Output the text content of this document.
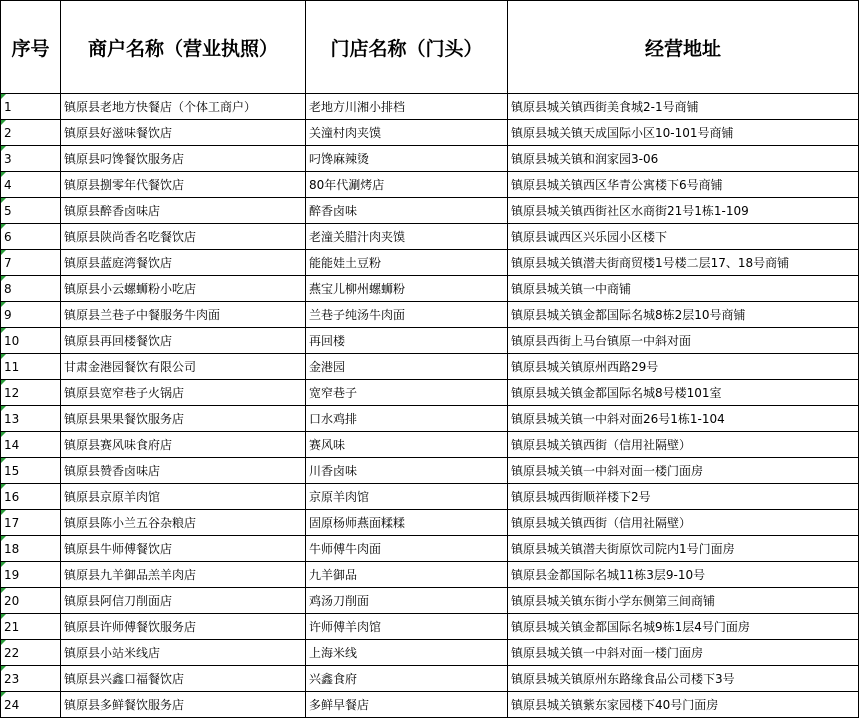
序号	商户名称（营业执照）	门店名称（门头）	经营地址
1	镇原县老地方快餐店（个体工商户）	老地方川湘小排档	镇原县城关镇西街美食城2-1号商铺
2	镇原县好滋味餐饮店	关潼村肉夹馍	镇原县城关镇天成国际小区10-101号商铺
3	镇原县叼馋餐饮服务店	叼馋麻辣烫	镇原县城关镇和润家园3-06
4	镇原县捌零年代餐饮店	80年代涮烤店	镇原县城关镇西区华青公寓楼下6号商铺
5	镇原县醉香卤味店	醉香卤味	镇原县城关镇西街社区水商街21号1栋1-109
6	镇原县陕尚香名吃餐饮店	老潼关腊汁肉夹馍	镇原县诚西区兴乐园小区楼下
7	镇原县蓝庭湾餐饮店	能能娃土豆粉	镇原县城关镇潜夫街商贸楼1号楼二层17、18号商铺
8	镇原县小云螺蛳粉小吃店	燕宝儿柳州螺蛳粉	镇原县城关镇一中商铺
9	镇原县兰巷子中餐服务牛肉面	兰巷子纯汤牛肉面	镇原县城关镇金都国际名城8栋2层10号商铺
10	镇原县再回楼餐饮店	再回楼	镇原县西街上马台镇原一中斜对面
11	甘肃金港园餐饮有限公司	金港园	镇原县城关镇原州西路29号
12	镇原县宽窄巷子火锅店	宽窄巷子	镇原县城关镇金都国际名城8号楼101室
13	镇原县果果餐饮服务店	口水鸡排	镇原县城关镇一中斜对面26号1栋1-104
14	镇原县赛风味食府店	赛风味	镇原县城关镇西街（信用社隔壁）
15	镇原县赞香卤味店	川香卤味	镇原县城关镇一中斜对面一楼门面房
16	镇原县京原羊肉馆	京原羊肉馆	镇原县城西街顺祥楼下2号
17	镇原县陈小兰五谷杂粮店	固原杨师燕面糅糅	镇原县城关镇西街（信用社隔壁）
18	镇原县牛师傅餐饮店	牛师傅牛肉面	镇原县城关镇潜夫街原饮司院内1号门面房
19	镇原县九羊御品羔羊肉店	九羊御品	镇原县金都国际名城11栋3层9-10号
20	镇原县阿信刀削面店	鸡汤刀削面	镇原县城关镇东街小学东侧第三间商铺
21	镇原县许师傅餐饮服务店	许师傅羊肉馆	镇原县城关镇金都国际名城9栋1层4号门面房
22	镇原县小站米线店	上海米线	镇原县城关镇一中斜对面一楼门面房
23	镇原县兴鑫口福餐饮店	兴鑫食府	镇原县城关镇原州东路缘食品公司楼下3号
24	镇原县多鲜餐饮服务店	多鲜早餐店	镇原县城关镇紫东家园楼下40号门面房
